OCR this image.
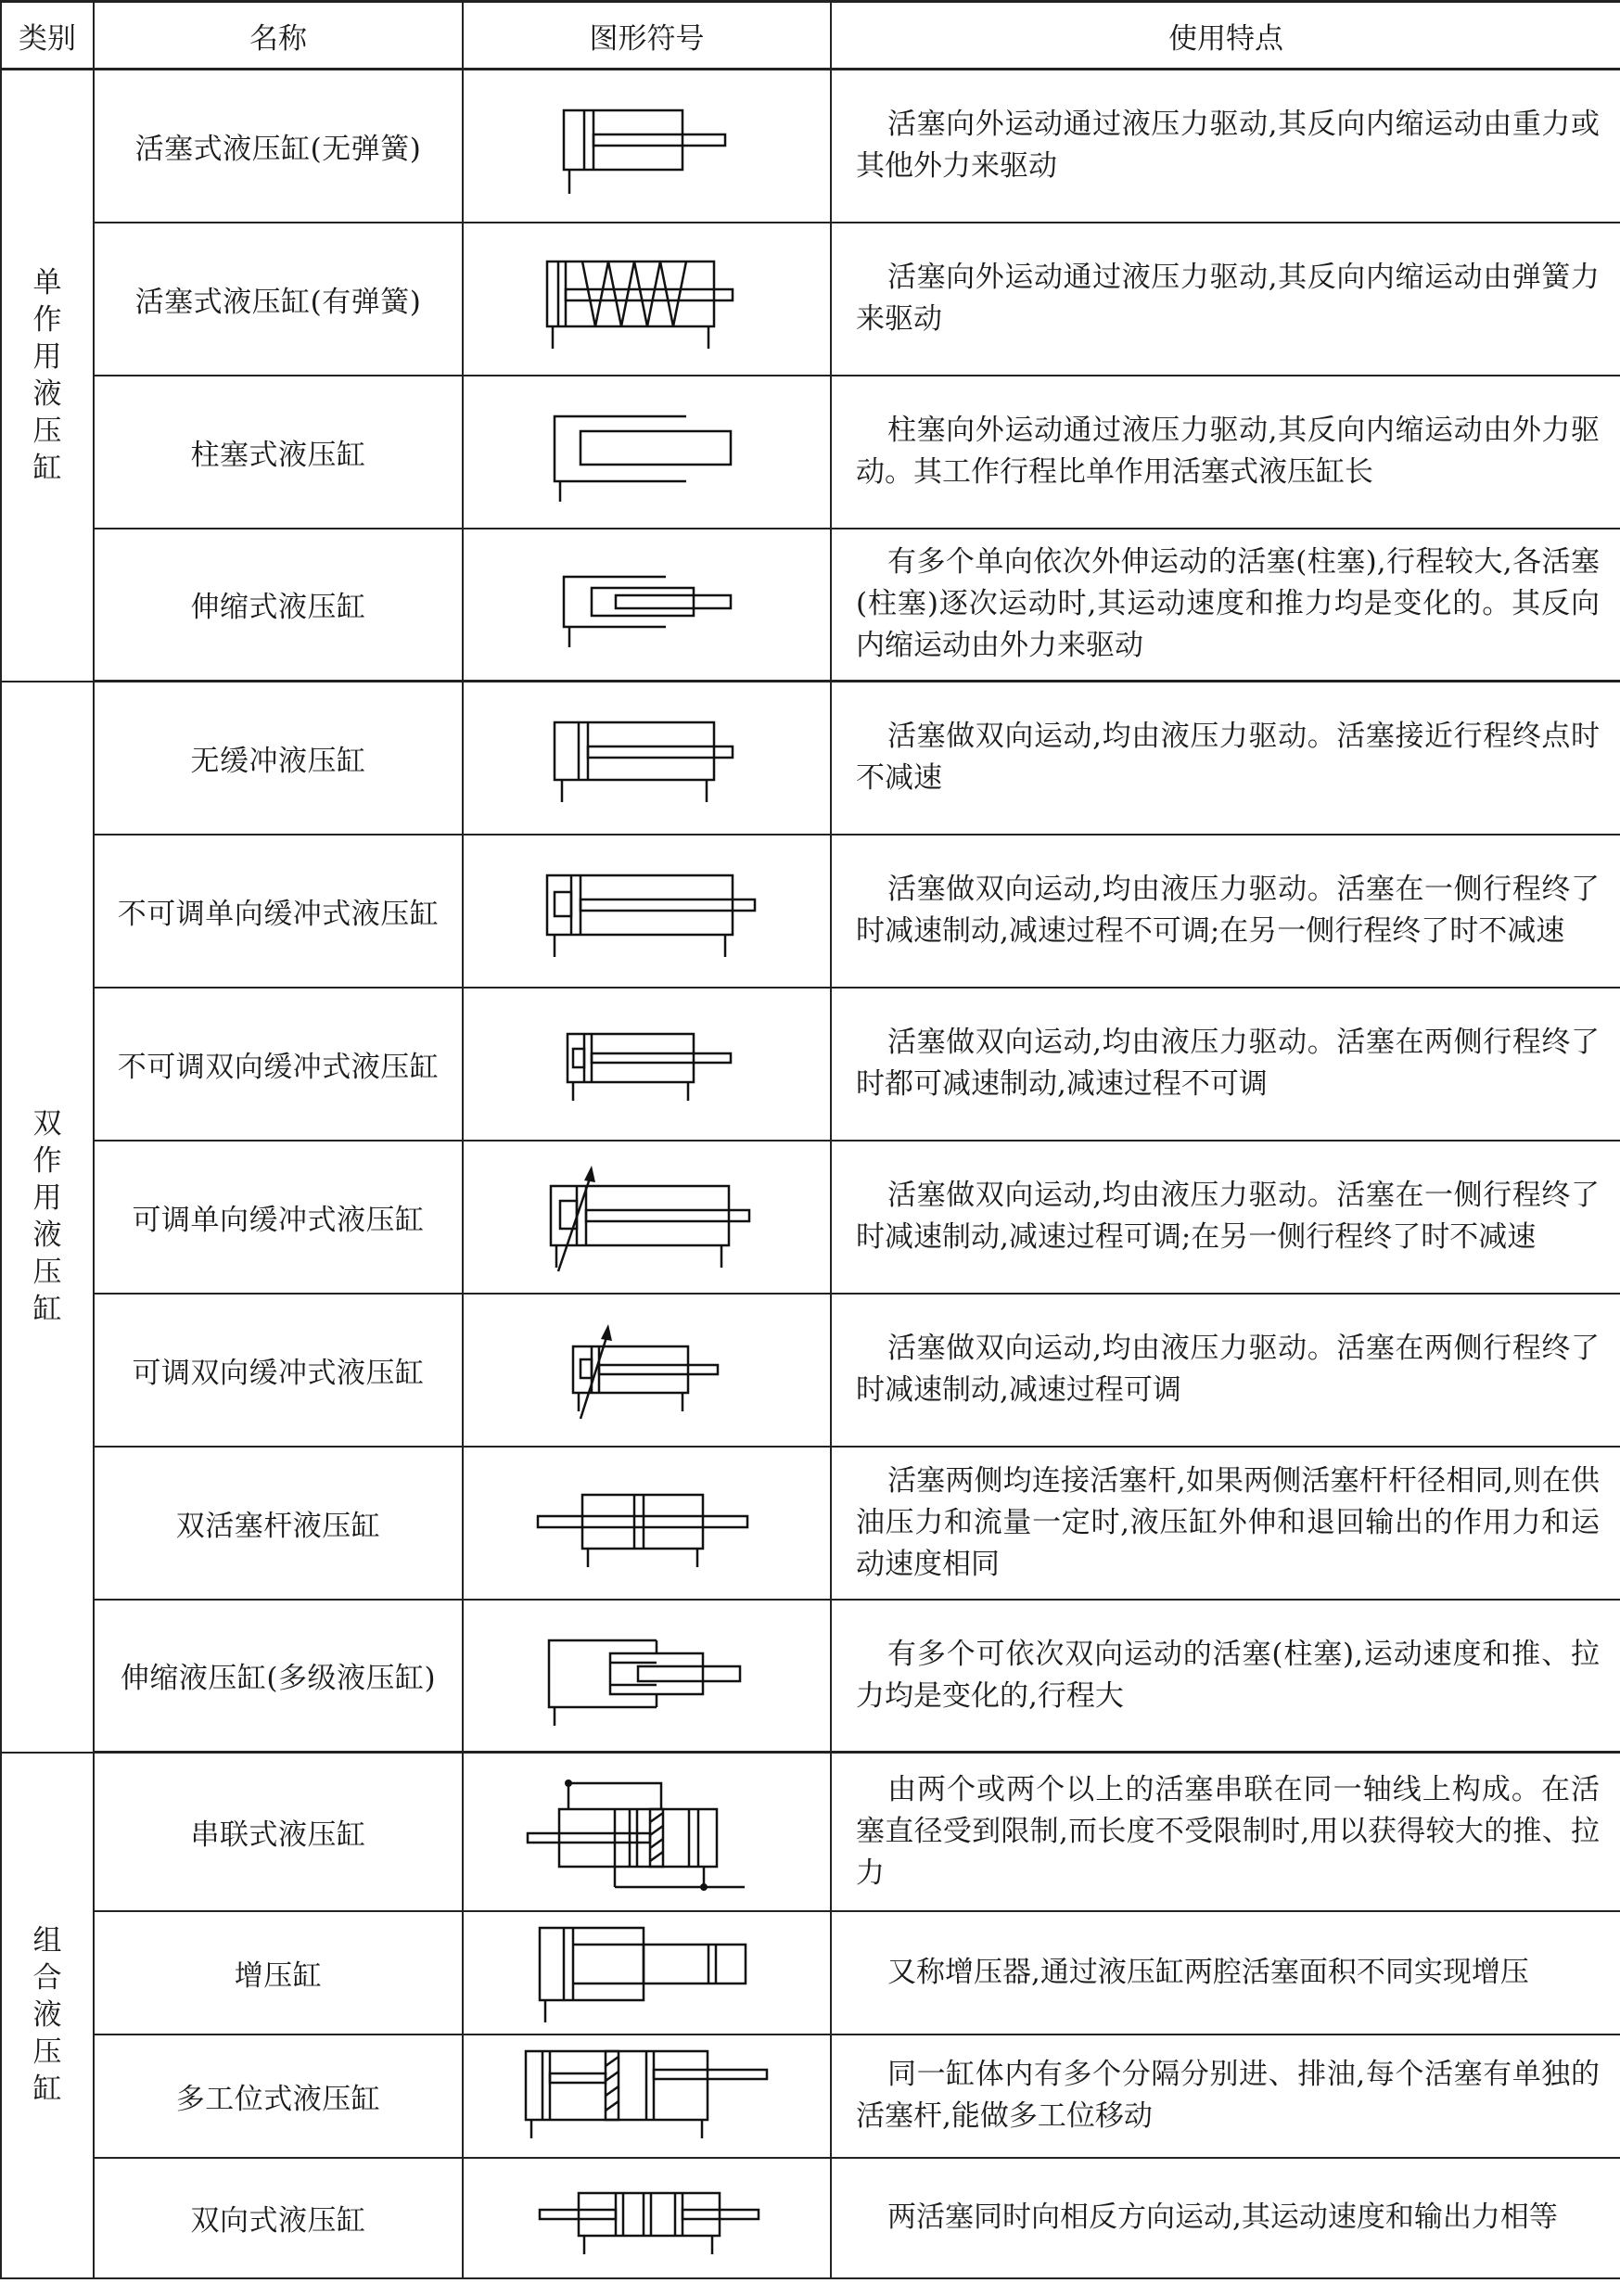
类别	名称	图形符号	使用特点

单作用液压缸	活塞式液压缸(无弹簧)		活塞向外运动通过液压力驱动,其反向内缩运动由重力或其他外力来驱动
	活塞式液压缸(有弹簧)		活塞向外运动通过液压力驱动,其反向内缩运动由弹簧力来驱动
	柱塞式液压缸		柱塞向外运动通过液压力驱动,其反向内缩运动由外力驱动。其工作行程比单作用活塞式液压缸长
	伸缩式液压缸		有多个单向依次外伸运动的活塞(柱塞),行程较大,各活塞(柱塞)逐次运动时,其运动速度和推力均是变化的。其反向内缩运动由外力来驱动

双作用液压缸	无缓冲液压缸		活塞做双向运动,均由液压力驱动。活塞接近行程终点时不减速
	不可调单向缓冲式液压缸		活塞做双向运动,均由液压力驱动。活塞在一侧行程终了时减速制动,减速过程不可调;在另一侧行程终了时不减速
	不可调双向缓冲式液压缸		活塞做双向运动,均由液压力驱动。活塞在两侧行程终了时都可减速制动,减速过程不可调
	可调单向缓冲式液压缸		活塞做双向运动,均由液压力驱动。活塞在一侧行程终了时减速制动,减速过程可调;在另一侧行程终了时不减速
	可调双向缓冲式液压缸		活塞做双向运动,均由液压力驱动。活塞在两侧行程终了时减速制动,减速过程可调
	双活塞杆液压缸		活塞两侧均连接活塞杆,如果两侧活塞杆杆径相同,则在供油压力和流量一定时,液压缸外伸和退回输出的作用力和运动速度相同
	伸缩液压缸(多级液压缸)		有多个可依次双向运动的活塞(柱塞),运动速度和推、拉力均是变化的,行程大

组合液压缸	串联式液压缸		由两个或两个以上的活塞串联在同一轴线上构成。在活塞直径受到限制,而长度不受限制时,用以获得较大的推、拉力
	增压缸		又称增压器,通过液压缸两腔活塞面积不同实现增压
	多工位式液压缸		同一缸体内有多个分隔分别进、排油,每个活塞有单独的活塞杆,能做多工位移动
	双向式液压缸		两活塞同时向相反方向运动,其运动速度和输出力相等
